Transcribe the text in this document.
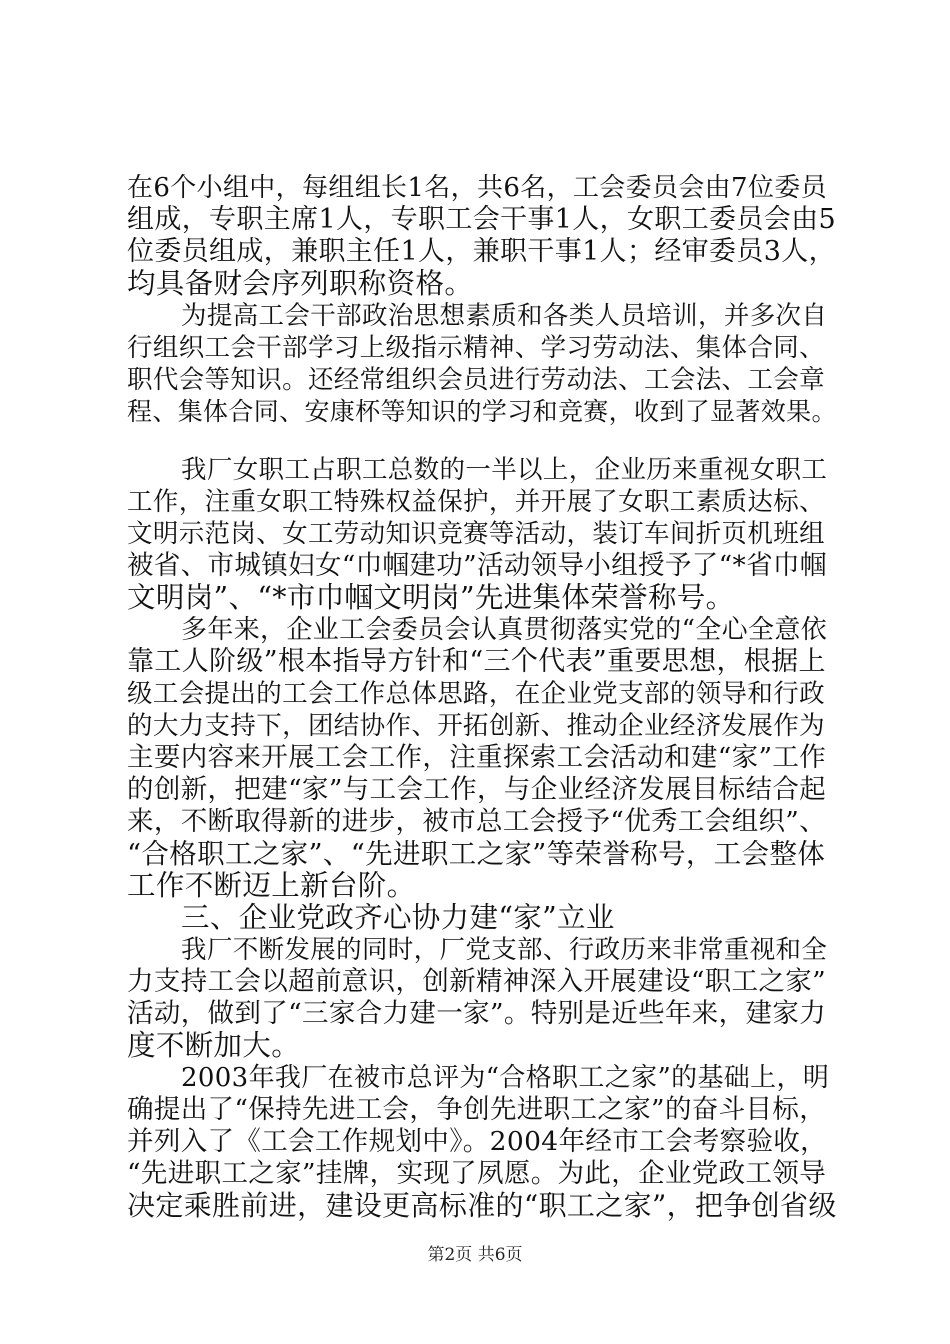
在6个小组中，每组组长1名，共6名，工会委员会由7位委员
组成，专职主席1人，专职工会干事1人，女职工委员会由5
位委员组成，兼职主任1人，兼职干事1人；经审委员3人，
均具备财会序列职称资格。
为提高工会干部政治思想素质和各类人员培训，并多次自
行组织工会干部学习上级指示精神、学习劳动法、集体合同、
职代会等知识。还经常组织会员进行劳动法、工会法、工会章
程、集体合同、安康杯等知识的学习和竞赛，收到了显著效果。
我厂女职工占职工总数的一半以上，企业历来重视女职工
工作，注重女职工特殊权益保护，并开展了女职工素质达标、
文明示范岗、女工劳动知识竞赛等活动，装订车间折页机班组
被省、市城镇妇女“巾帼建功”活动领导小组授予了“*省巾帼
文明岗”、“*市巾帼文明岗”先进集体荣誉称号。
多年来，企业工会委员会认真贯彻落实党的“全心全意依
靠工人阶级”根本指导方针和“三个代表”重要思想，根据上
级工会提出的工会工作总体思路，在企业党支部的领导和行政
的大力支持下，团结协作、开拓创新、推动企业经济发展作为
主要内容来开展工会工作，注重探索工会活动和建“家”工作
的创新，把建“家”与工会工作，与企业经济发展目标结合起
来，不断取得新的进步，被市总工会授予“优秀工会组织”、
“合格职工之家”、“先进职工之家”等荣誉称号，工会整体
工作不断迈上新台阶。
三、企业党政齐心协力建“家”立业
我厂不断发展的同时，厂党支部、行政历来非常重视和全
力支持工会以超前意识，创新精神深入开展建设“职工之家”
活动，做到了“三家合力建一家”。特别是近些年来，建家力
度不断加大。
2003年我厂在被市总评为“合格职工之家”的基础上，明
确提出了“保持先进工会，争创先进职工之家”的奋斗目标，
并列入了《工会工作规划中》。2004年经市工会考察验收，
“先进职工之家”挂牌，实现了夙愿。为此，企业党政工领导
决定乘胜前进，建设更高标准的“职工之家”，把争创省级
第2页 共6页
